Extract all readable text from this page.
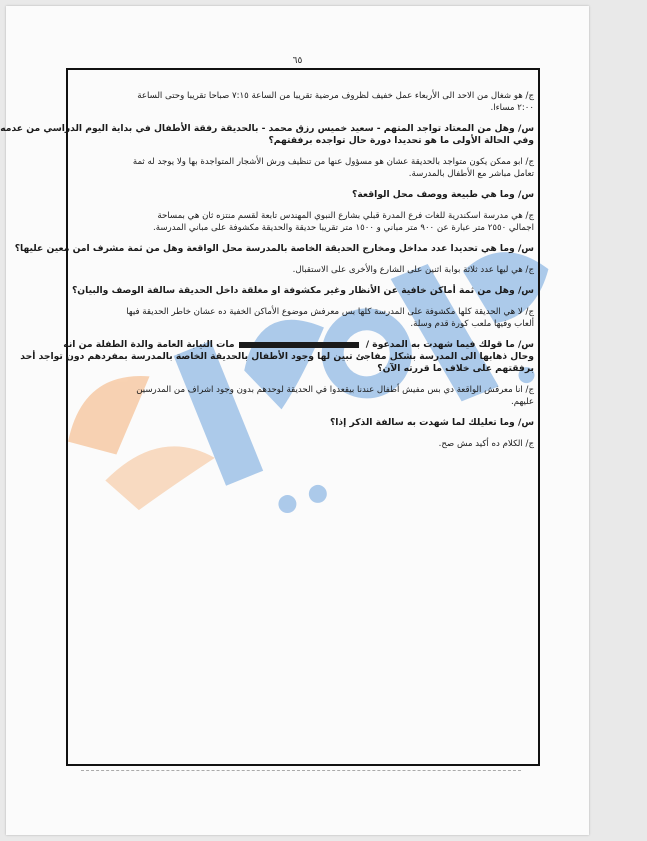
٦٥

ج/ هو شغال من الاحد الى الأربعاء عمل خفيف لظروف مرضية تقريبا من الساعة ٧:١٥ صباحا تقريبا وحتى الساعة

٢:٠٠ مساءا.

س/ وهل من المعتاد تواجد المتهم - سعيد خميس رزق محمد - بالحديقة رفقة الأطفال في بداية اليوم الدراسي من عدمه

وفي الحالة الأولى ما هو تحديدا دورة حال تواجده برفقتهم؟

ج/ ابو ممكن يكون متواجد بالحديقة عشان هو مسؤول عنها من تنظيف ورش الأشجار المتواجدة بها ولا يوجد له ثمة

تعامل مباشر مع الأطفال بالمدرسة.

س/ وما هي طبيعة ووصف محل الواقعة؟

ج/ هي مدرسة اسكندرية للغات فرع المدرة قبلي بشارع النبوي المهندس تابعة لقسم منتزه ثان هي بمساحة

اجمالي ٢٥٥٠ متر عبارة عن ٩٠٠ متر مباني و ١٥٠٠ متر تقريبا حديقة والحديقة مكشوفة على مباني المدرسة.

س/ وما هي تحديدا عدد مداخل ومخارج الحديقة الخاصة بالمدرسة محل الواقعة وهل من ثمة مشرف امن معين عليها؟

ج/ هي ليها عدد ثلاثة بوابة اثنين على الشارع والأخرى على الاستقبال.

س/ وهل من ثمة أماكن خافية عن الأنظار وغير مكشوفة او مغلقة داخل الحديقة سالفة الوصف والبيان؟

ج/ لا هي الحديقة كلها مكشوفة على المدرسة كلها بس معرفش موضوع الأماكن الخفية ده عشان خاطر الحديقة فيها

ألعاب وفيها ملعب كورة قدم وسلة.

س/ ما قولك فيما شهدت به المدعوة / مات النيابة العامة والدة الطفلة من انه

وحال ذهابها الى المدرسة بشكل مفاجئ تبين لها وجود الأطفال بالحديقة الخاصة بالمدرسة بمفردهم دون تواجد أحد

برفقتهم على خلاف ما قررته الآن؟

ج/ انا معرفش الواقعة دي بس مفيش أطفال عندنا بيقعدوا في الحديقة لوحدهم بدون وجود اشراف من المدرسين

عليهم.

س/ وما تعليلك لما شهدت به سالفة الذكر إذا؟

ج/ الكلام ده أكيد مش صح.
